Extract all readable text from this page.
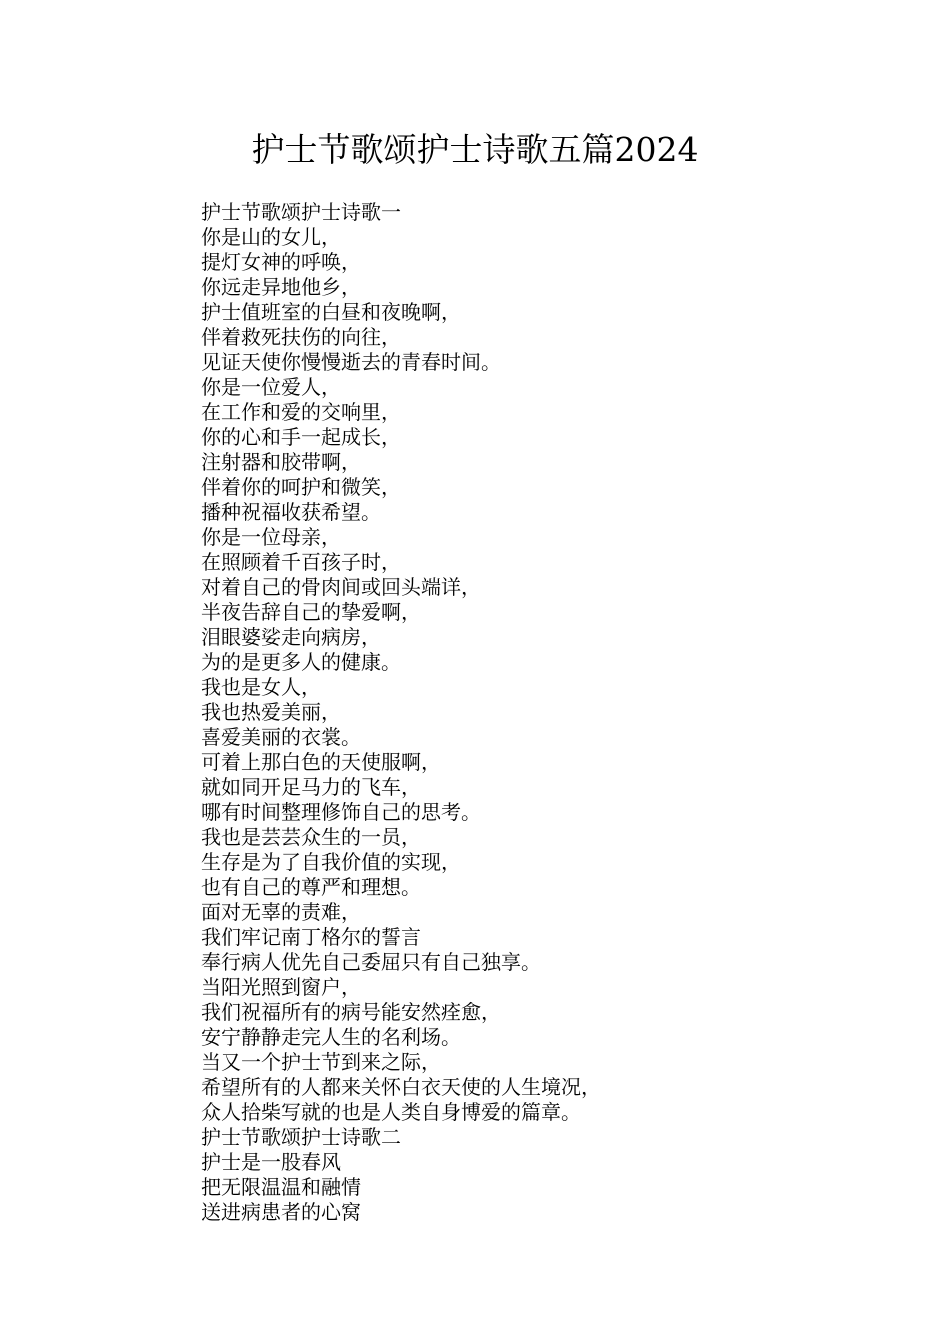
护士节歌颂护士诗歌五篇2024
护士节歌颂护士诗歌一
你是山的女儿，
提灯女神的呼唤，
你远走异地他乡，
护士值班室的白昼和夜晚啊，
伴着救死扶伤的向往，
见证天使你慢慢逝去的青春时间。
你是一位爱人，
在工作和爱的交响里，
你的心和手一起成长，
注射器和胶带啊，
伴着你的呵护和微笑，
播种祝福收获希望。
你是一位母亲，
在照顾着千百孩子时，
对着自己的骨肉间或回头端详，
半夜告辞自己的挚爱啊，
泪眼婆娑走向病房，
为的是更多人的健康。
我也是女人，
我也热爱美丽，
喜爱美丽的衣裳。
可着上那白色的天使服啊，
就如同开足马力的飞车，
哪有时间整理修饰自己的思考。
我也是芸芸众生的一员，
生存是为了自我价值的实现，
也有自己的尊严和理想。
面对无辜的责难，
我们牢记南丁格尔的誓言
奉行病人优先自己委屈只有自己独享。
当阳光照到窗户，
我们祝福所有的病号能安然痊愈，
安宁静静走完人生的名利场。
当又一个护士节到来之际，
希望所有的人都来关怀白衣天使的人生境况，
众人拾柴写就的也是人类自身博爱的篇章。
护士节歌颂护士诗歌二
护士是一股春风
把无限温温和融情
送进病患者的心窝
